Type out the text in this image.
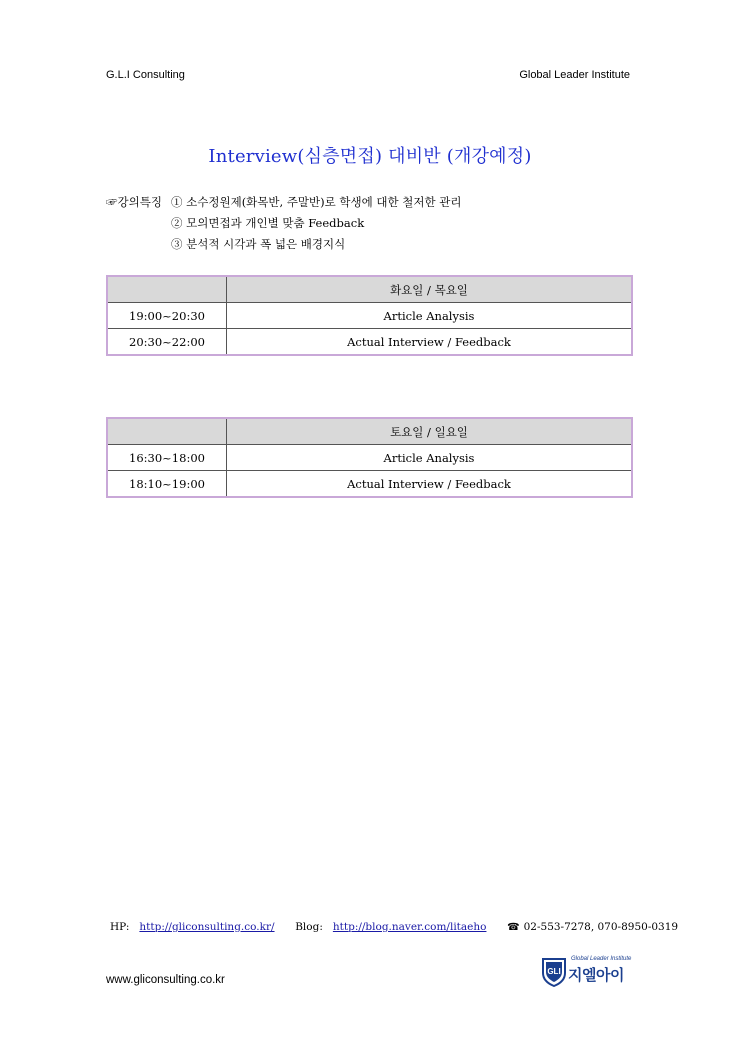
G.L.I Consulting	Global Leader Institute
Interview(심층면접) 대비반 (개강예정)
☞강의특징 ① 소수정원제(화목반, 주말반)로 학생에 대한 철저한 관리
② 모의면접과 개인별 맞춤 Feedback
③ 분석적 시각과 폭 넓은 배경지식
	화요일 / 목요일
19:00~20:30	Article Analysis
20:30~22:00	Actual Interview / Feedback
	토요일 / 일요일
16:30~18:00	Article Analysis
18:10~19:00	Actual Interview / Feedback
HP: http://gliconsulting.co.kr/ Blog: http://blog.naver.com/litaeho ☎ 02-553-7278, 070-8950-0319
www.gliconsulting.co.kr
GLI
Global Leader Institute
지엘아이
